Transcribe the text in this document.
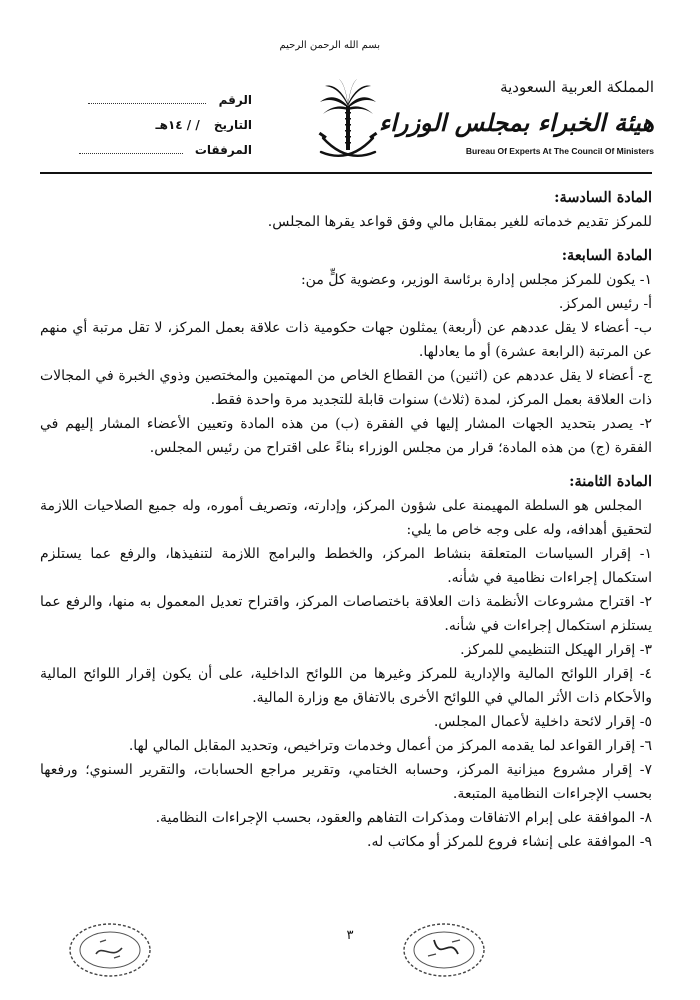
بسم الله الرحمن الرحيم
المملكة العربية السعودية
هيئة الخبراء بمجلس الوزراء
Bureau Of Experts At The Council Of Ministers
الرقم
التاريخ / / ١٤هـ
المرفقات

المادة السادسة:

للمركز تقديم خدماته للغير بمقابل مالي وفق قواعد يقرها المجلس.

المادة السابعة:

١- يكون للمركز مجلس إدارة برئاسة الوزير، وعضوية كلٍّ من:

أ- رئيس المركز.

ب- أعضاء لا يقل عددهم عن (أربعة) يمثلون جهات حكومية ذات علاقة بعمل المركز، لا تقل مرتبة أي منهم عن المرتبة (الرابعة عشرة) أو ما يعادلها.

ج- أعضاء لا يقل عددهم عن (اثنين) من القطاع الخاص من المهتمين والمختصين وذوي الخبرة في المجالات ذات العلاقة بعمل المركز، لمدة (ثلاث) سنوات قابلة للتجديد مرة واحدة فقط.

٢- يصدر بتحديد الجهات المشار إليها في الفقرة (ب) من هذه المادة وتعيين الأعضاء المشار إليهم في الفقرة (ج) من هذه المادة؛ قرار من مجلس الوزراء بناءً على اقتراح من رئيس المجلس.

المادة الثامنة:

المجلس هو السلطة المهيمنة على شؤون المركز، وإدارته، وتصريف أموره، وله جميع الصلاحيات اللازمة لتحقيق أهدافه، وله على وجه خاص ما يلي:

١- إقرار السياسات المتعلقة بنشاط المركز، والخطط والبرامج اللازمة لتنفيذها، والرفع عما يستلزم استكمال إجراءات نظامية في شأنه.

٢- اقتراح مشروعات الأنظمة ذات العلاقة باختصاصات المركز، واقتراح تعديل المعمول به منها، والرفع عما يستلزم استكمال إجراءات في شأنه.

٣- إقرار الهيكل التنظيمي للمركز.

٤- إقرار اللوائح المالية والإدارية للمركز وغيرها من اللوائح الداخلية، على أن يكون إقرار اللوائح المالية والأحكام ذات الأثر المالي في اللوائح الأخرى بالاتفاق مع وزارة المالية.

٥- إقرار لائحة داخلية لأعمال المجلس.

٦- إقرار القواعد لما يقدمه المركز من أعمال وخدمات وتراخيص، وتحديد المقابل المالي لها.

٧- إقرار مشروع ميزانية المركز، وحسابه الختامي، وتقرير مراجع الحسابات، والتقرير السنوي؛ ورفعها بحسب الإجراءات النظامية المتبعة.

٨- الموافقة على إبرام الاتفاقات ومذكرات التفاهم والعقود، بحسب الإجراءات النظامية.

٩- الموافقة على إنشاء فروع للمركز أو مكاتب له.

٣
